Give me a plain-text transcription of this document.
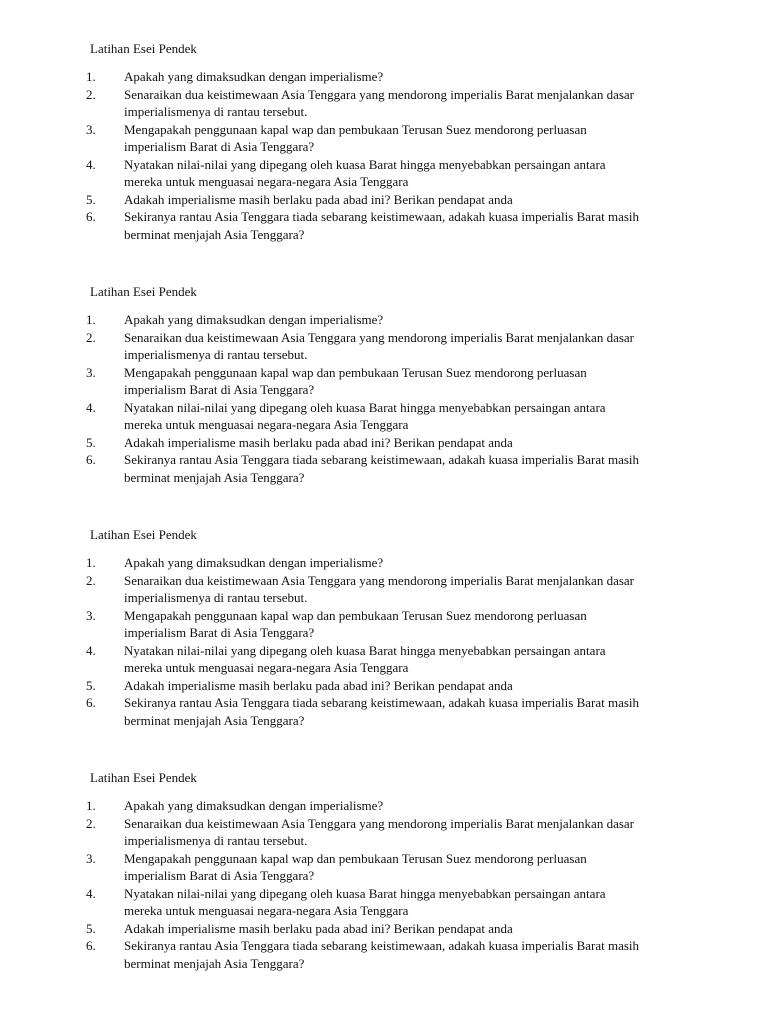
Latihan Esei Pendek
1. Apakah yang dimaksudkan dengan imperialisme?
2. Senaraikan dua keistimewaan Asia Tenggara yang mendorong imperialis Barat menjalankan dasar
imperialismenya di rantau tersebut.
3. Mengapakah penggunaan kapal wap dan pembukaan Terusan Suez mendorong perluasan
imperialism Barat di Asia Tenggara?
4. Nyatakan nilai-nilai yang dipegang oleh kuasa Barat hingga menyebabkan persaingan antara
mereka untuk menguasai negara-negara Asia Tenggara
5. Adakah imperialisme masih berlaku pada abad ini? Berikan pendapat anda
6. Sekiranya rantau Asia Tenggara tiada sebarang keistimewaan, adakah kuasa imperialis Barat masih
berminat menjajah Asia Tenggara?
Latihan Esei Pendek
1. Apakah yang dimaksudkan dengan imperialisme?
2. Senaraikan dua keistimewaan Asia Tenggara yang mendorong imperialis Barat menjalankan dasar
imperialismenya di rantau tersebut.
3. Mengapakah penggunaan kapal wap dan pembukaan Terusan Suez mendorong perluasan
imperialism Barat di Asia Tenggara?
4. Nyatakan nilai-nilai yang dipegang oleh kuasa Barat hingga menyebabkan persaingan antara
mereka untuk menguasai negara-negara Asia Tenggara
5. Adakah imperialisme masih berlaku pada abad ini? Berikan pendapat anda
6. Sekiranya rantau Asia Tenggara tiada sebarang keistimewaan, adakah kuasa imperialis Barat masih
berminat menjajah Asia Tenggara?
Latihan Esei Pendek
1. Apakah yang dimaksudkan dengan imperialisme?
2. Senaraikan dua keistimewaan Asia Tenggara yang mendorong imperialis Barat menjalankan dasar
imperialismenya di rantau tersebut.
3. Mengapakah penggunaan kapal wap dan pembukaan Terusan Suez mendorong perluasan
imperialism Barat di Asia Tenggara?
4. Nyatakan nilai-nilai yang dipegang oleh kuasa Barat hingga menyebabkan persaingan antara
mereka untuk menguasai negara-negara Asia Tenggara
5. Adakah imperialisme masih berlaku pada abad ini? Berikan pendapat anda
6. Sekiranya rantau Asia Tenggara tiada sebarang keistimewaan, adakah kuasa imperialis Barat masih
berminat menjajah Asia Tenggara?
Latihan Esei Pendek
1. Apakah yang dimaksudkan dengan imperialisme?
2. Senaraikan dua keistimewaan Asia Tenggara yang mendorong imperialis Barat menjalankan dasar
imperialismenya di rantau tersebut.
3. Mengapakah penggunaan kapal wap dan pembukaan Terusan Suez mendorong perluasan
imperialism Barat di Asia Tenggara?
4. Nyatakan nilai-nilai yang dipegang oleh kuasa Barat hingga menyebabkan persaingan antara
mereka untuk menguasai negara-negara Asia Tenggara
5. Adakah imperialisme masih berlaku pada abad ini? Berikan pendapat anda
6. Sekiranya rantau Asia Tenggara tiada sebarang keistimewaan, adakah kuasa imperialis Barat masih
berminat menjajah Asia Tenggara?
